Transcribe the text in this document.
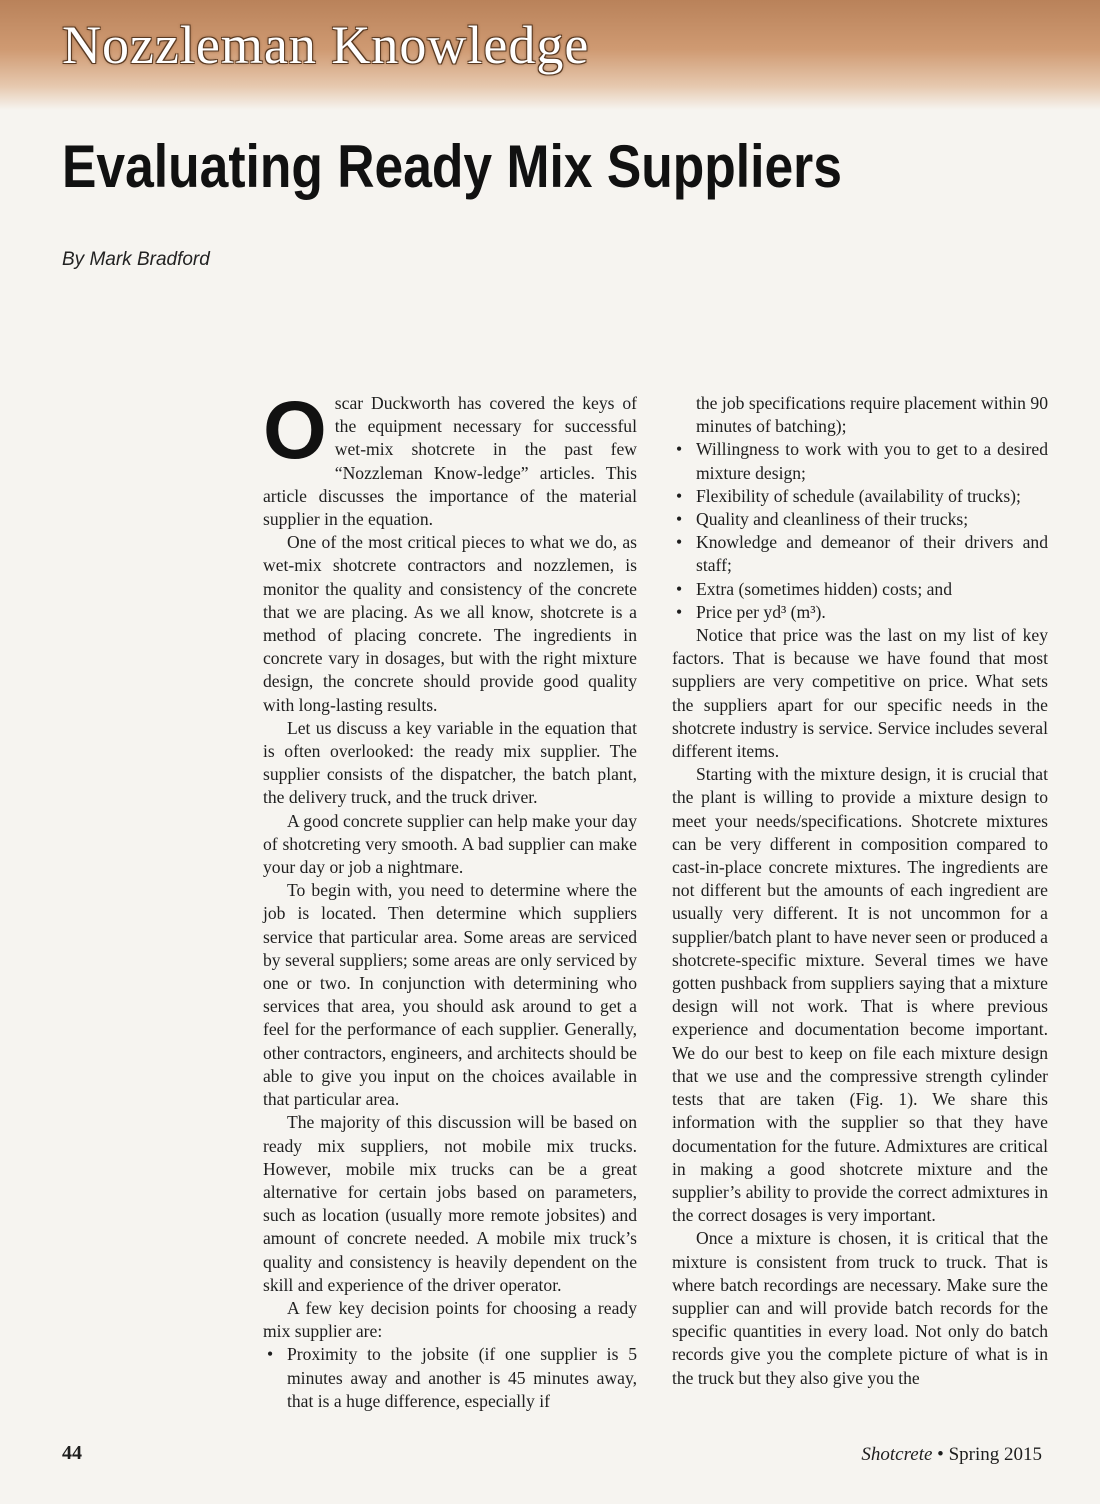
Nozzleman Knowledge
Evaluating Ready Mix Suppliers
By Mark Bradford

Oscar Duckworth has covered the keys of the equipment necessary for successful wet-mix shotcrete in the past few “Nozzleman Know-ledge” articles. This article discusses the importance of the material supplier in the equation.

One of the most critical pieces to what we do, as wet-mix shotcrete contractors and nozzlemen, is monitor the quality and consistency of the concrete that we are placing. As we all know, shotcrete is a method of placing concrete. The ingredients in concrete vary in dosages, but with the right mixture design, the concrete should provide good quality with long-lasting results.

Let us discuss a key variable in the equation that is often overlooked: the ready mix supplier. The supplier consists of the dispatcher, the batch plant, the delivery truck, and the truck driver.

A good concrete supplier can help make your day of shotcreting very smooth. A bad supplier can make your day or job a nightmare.

To begin with, you need to determine where the job is located. Then determine which suppliers service that particular area. Some areas are serviced by several suppliers; some areas are only serviced by one or two. In conjunction with determining who services that area, you should ask around to get a feel for the performance of each supplier. Generally, other contractors, engineers, and architects should be able to give you input on the choices available in that particular area.

The majority of this discussion will be based on ready mix suppliers, not mobile mix trucks. However, mobile mix trucks can be a great alternative for certain jobs based on parameters, such as location (usually more remote jobsites) and amount of concrete needed. A mobile mix truck’s quality and consistency is heavily dependent on the skill and experience of the driver operator.

A few key decision points for choosing a ready mix supplier are:

• Proximity to the jobsite (if one supplier is 5 minutes away and another is 45 minutes away, that is a huge difference, especially if

the job specifications require placement within 90 minutes of batching);

• Willingness to work with you to get to a desired mixture design;
• Flexibility of schedule (availability of trucks);
• Quality and cleanliness of their trucks;
• Knowledge and demeanor of their drivers and staff;
• Extra (sometimes hidden) costs; and
• Price per yd³ (m³).

Notice that price was the last on my list of key factors. That is because we have found that most suppliers are very competitive on price. What sets the suppliers apart for our specific needs in the shotcrete industry is service. Service includes several different items.

Starting with the mixture design, it is crucial that the plant is willing to provide a mixture design to meet your needs/specifications. Shotcrete mixtures can be very different in composition compared to cast-in-place concrete mixtures. The ingredients are not different but the amounts of each ingredient are usually very different. It is not uncommon for a supplier/batch plant to have never seen or produced a shotcrete-specific mixture. Several times we have gotten pushback from suppliers saying that a mixture design will not work. That is where previous experience and documentation become important. We do our best to keep on file each mixture design that we use and the compressive strength cylinder tests that are taken (Fig. 1). We share this information with the supplier so that they have documentation for the future. Admixtures are critical in making a good shotcrete mixture and the supplier’s ability to provide the correct admixtures in the correct dosages is very important.

Once a mixture is chosen, it is critical that the mixture is consistent from truck to truck. That is where batch recordings are necessary. Make sure the supplier can and will provide batch records for the specific quantities in every load. Not only do batch records give you the complete picture of what is in the truck but they also give you the

44	Shotcrete • Spring 2015
